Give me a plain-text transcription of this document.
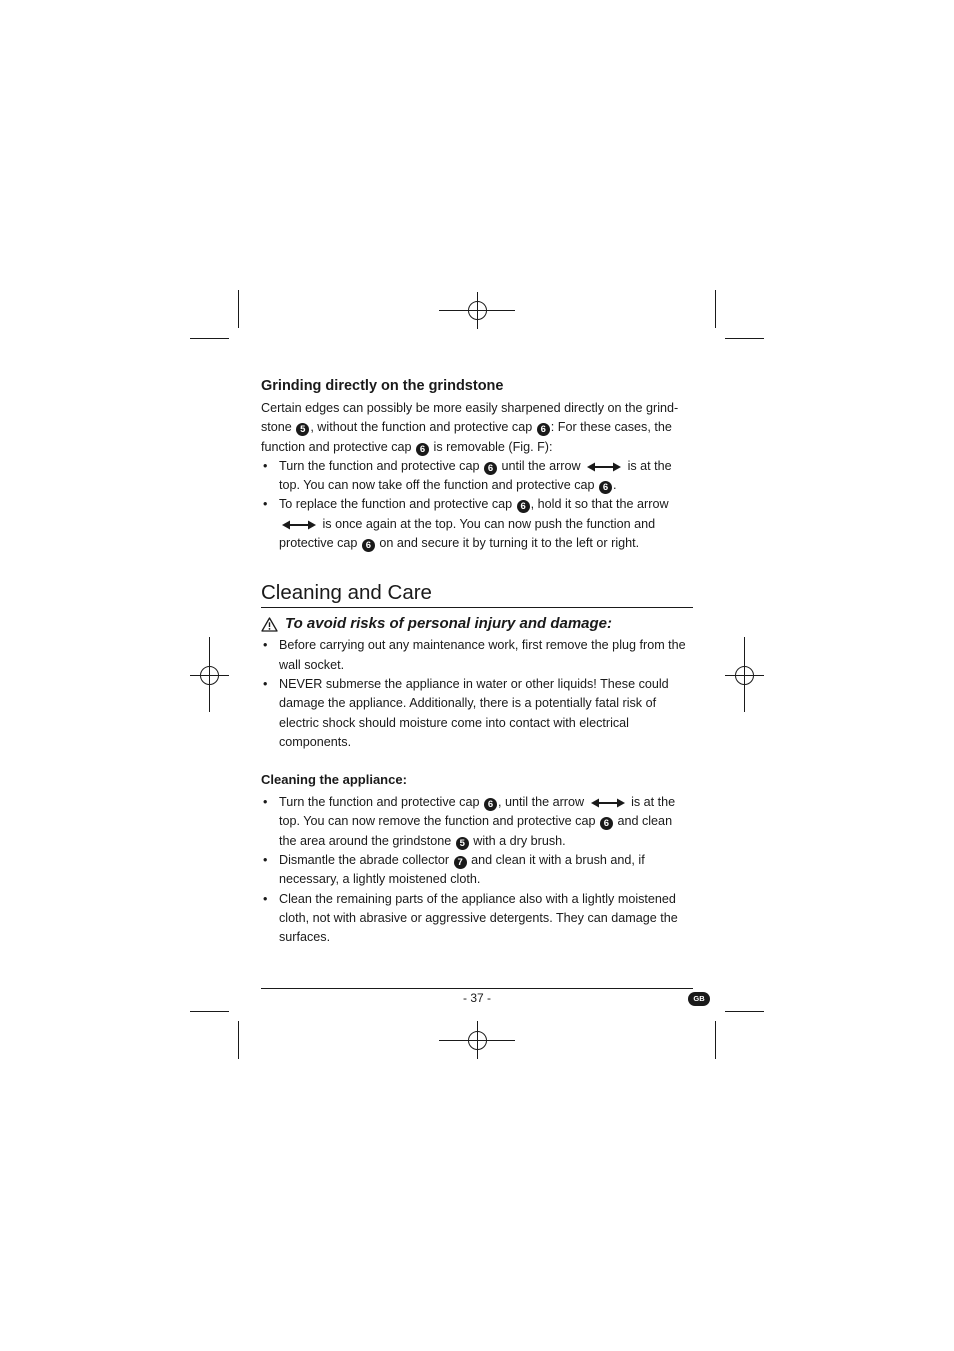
Grinding directly on the grindstone

Certain edges can possibly be more easily sharpened directly on the grind-stone 5 , without the function and protective cap 6 : For these cases, the function and protective cap 6 is removable (Fig. F):

• Turn the function and protective cap 6 until the arrow	is at the top. You can now take off the function and protective cap 6 .
• To replace the function and protective cap 6 , hold it so that the arrow  is once again at the top. You can now push the function and protective cap 6 on and secure it by turning it to the left or right.
Cleaning and Care
To avoid risks of personal injury and damage:
• Before carrying out any maintenance work, first remove the plug from the wall socket.
• NEVER submerse the appliance in water or other liquids! These could damage the appliance. Additionally, there is a potentially fatal risk of electric shock should moisture come into contact with electrical components.
Cleaning the appliance:
• Turn the function and protective cap 6 , until the arrow	is at the top. You can now remove the function and protective cap 6 and clean the area around the grindstone 5 with a dry brush.
• Dismantle the abrade collector 7 and clean it with a brush and, if necessary, a lightly moistened cloth.
• Clean the remaining parts of the appliance also with a lightly moistened cloth, not with abrasive or aggressive detergents. They can damage the surfaces.
- 37 -	GB
